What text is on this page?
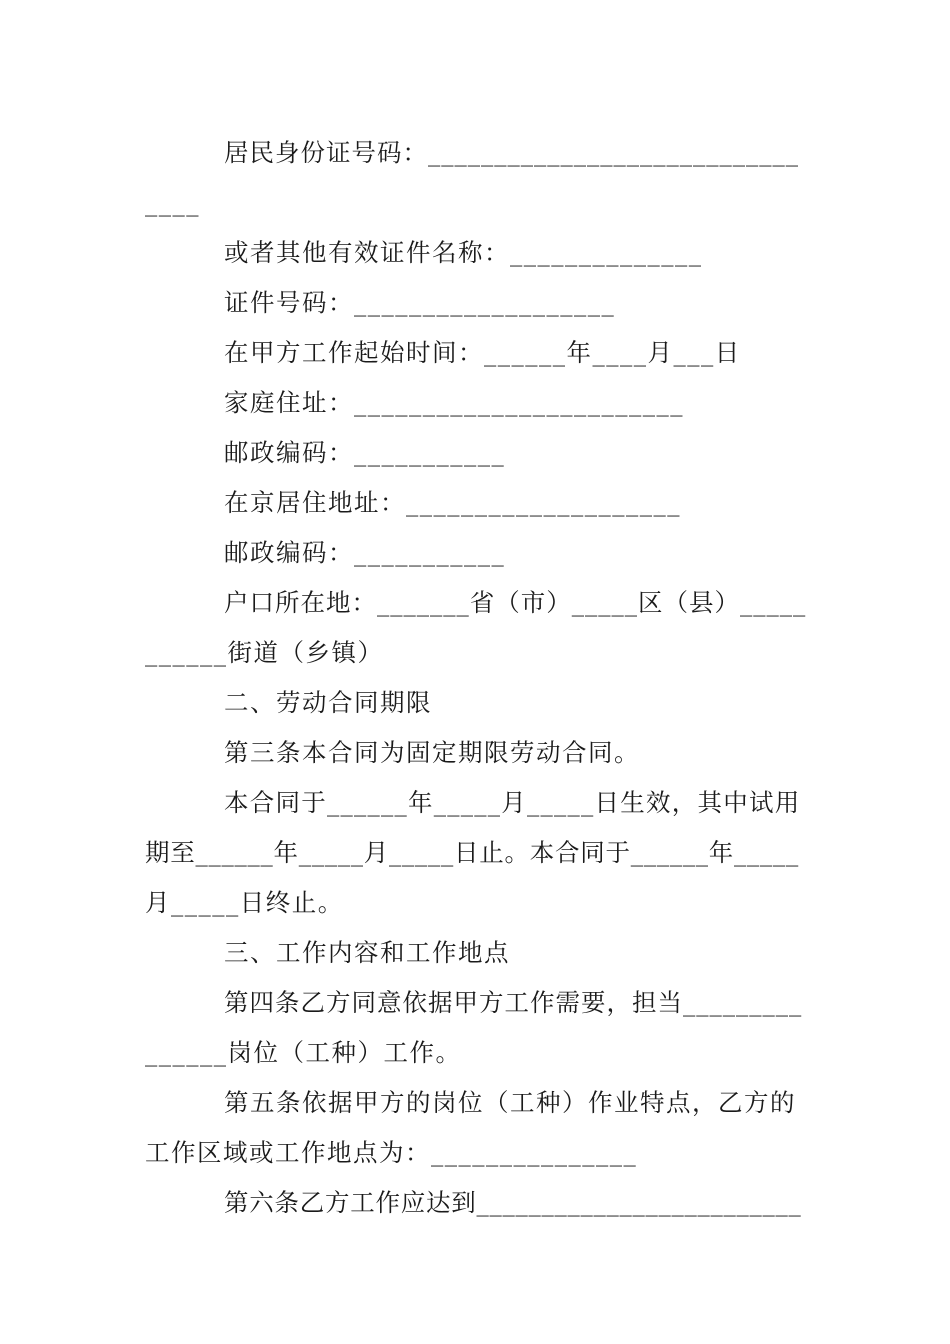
居民身份证号码：____________________________
____
或者其他有效证件名称：______________
证件号码：___________________
在甲方工作起始时间：______年____月___日
家庭住址：________________________
邮政编码：___________
在京居住地址：____________________
邮政编码：___________
户口所在地：_______省（市）_____区（县）_____
______街道（乡镇）
二、劳动合同期限
第三条本合同为固定期限劳动合同。
本合同于______年_____月_____日生效，其中试用
期至______年_____月_____日止。本合同于______年_____
月_____日终止。
三、工作内容和工作地点
第四条乙方同意依据甲方工作需要，担当_________
______岗位（工种）工作。
第五条依据甲方的岗位（工种）作业特点，乙方的
工作区域或工作地点为：_______________
第六条乙方工作应达到_________________________
